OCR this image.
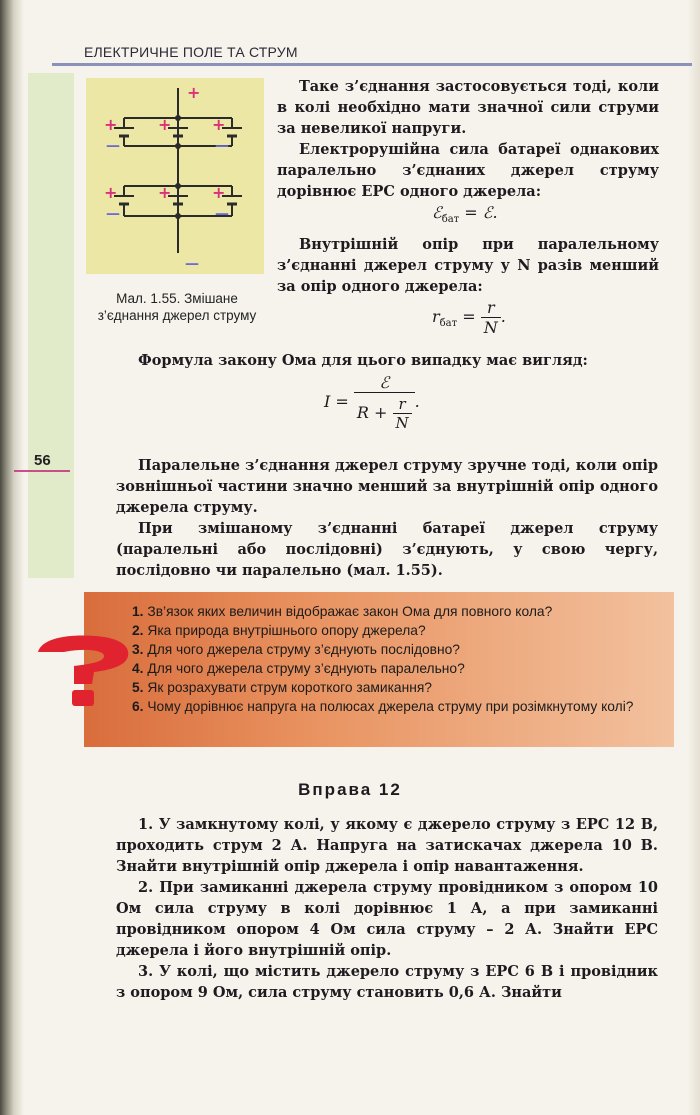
ЕЛЕКТРИЧНЕ ПОЛЕ ТА СТРУМ
56
+
+	+	+
+	+	+
—	—
—	—
—
Мал. 1.55. Змішане з’єднання джерел струму

Таке з’єднання застосовується тоді, коли в колі необхідно мати значної сили струми за невеликої напруги.

Електрорушійна сила батареї однакових паралельно з’єднаних джерел струму дорівнює ЕРС одного джерела:

ℰ$_{бат}$ = ℰ.

Внутрішній опір при паралельному з’єднанні джерел струму у N разів менший за опір одного джерела:

$r_{бат} = \frac{r}{N}$ .

Формула закону Ома для цього випадку має вигляд:

$I = \frac{\text{ℰ}}{R + \frac{r}{N}}$ .

Паралельне з’єднання джерел струму зручне тоді, коли опір зовнішньої частини значно менший за внутрішній опір одного джерела струму.

При змішаному з’єднанні батареї джерел струму (паралельні або послідовні) з’єднують, у свою чергу, послідовно чи паралельно (мал. 1.55).

1. Зв’язок яких величин відображає закон Ома для повного кола?
2. Яка природа внутрішнього опору джерела?
3. Для чого джерела струму з’єднують послідовно?
4. Для чого джерела струму з’єднують паралельно?
5. Як розрахувати струм короткого замикання?
6. Чому дорівнює напруга на полюсах джерела струму при розімкнутому колі?
Вправа 12

1. У замкнутому колі, у якому є джерело струму з ЕРС 12 В, проходить струм 2 А. Напруга на затискачах джерела 10 В. Знайти внутрішній опір джерела і опір навантаження.

2. При замиканні джерела струму провідником з опором 10 Ом сила струму в колі дорівнює 1 А, а при замиканні провідником опором 4 Ом сила струму – 2 А. Знайти ЕРС джерела і його внутрішній опір.

3. У колі, що містить джерело струму з ЕРС 6 В і провідник з опором 9 Ом, сила струму становить 0,6 А. Знайти
